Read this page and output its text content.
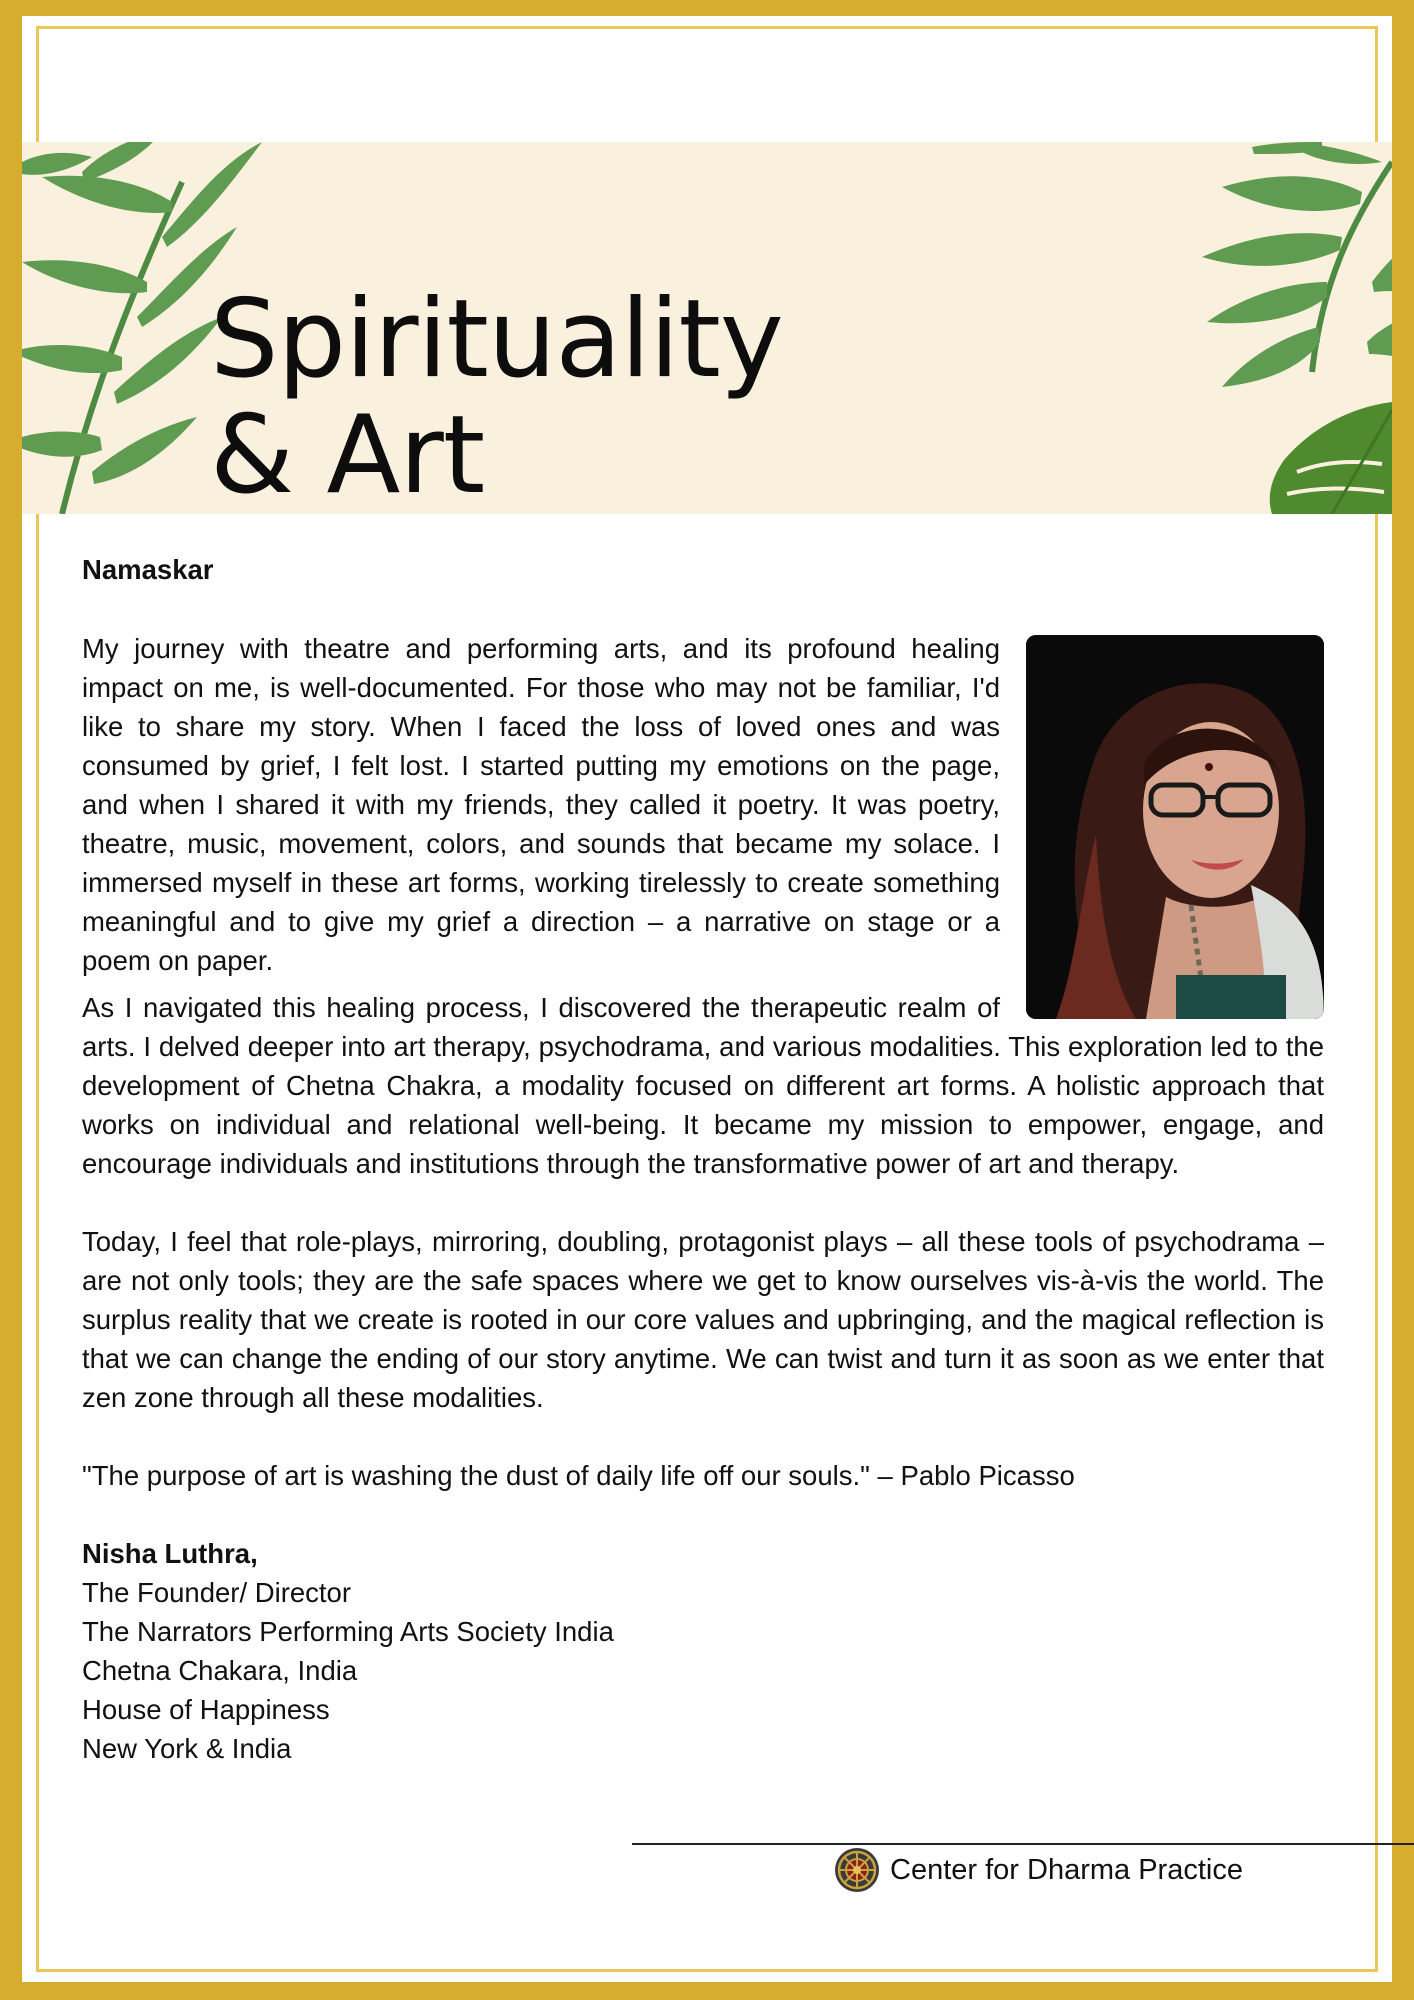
Spirituality
& Art
Namaskar

My journey with theatre and performing arts, and its profound healing impact on me, is well-documented. For those who may not be familiar, I'd like to share my story. When I faced the loss of loved ones and was consumed by grief, I felt lost. I started putting my emotions on the page, and when I shared it with my friends, they called it poetry. It was poetry, theatre, music, movement, colors, and sounds that became my solace. I immersed myself in these art forms, working tirelessly to create something meaningful and to give my grief a direction – a narrative on stage or a poem on paper.

As I navigated this healing process, I discovered the therapeutic realm of arts. I delved deeper into art therapy, psychodrama, and various modalities. This exploration led to the development of Chetna Chakra, a modality focused on different art forms. A holistic approach that works on individual and relational well-being. It became my mission to empower, engage, and encourage individuals and institutions through the transformative power of art and therapy.

Today, I feel that role-plays, mirroring, doubling, protagonist plays – all these tools of psychodrama – are not only tools; they are the safe spaces where we get to know ourselves vis-à-vis the world. The surplus reality that we create is rooted in our core values and upbringing, and the magical reflection is that we can change the ending of our story anytime. We can twist and turn it as soon as we enter that zen zone through all these modalities.

"The purpose of art is washing the dust of daily life off our souls." – Pablo Picasso

Nisha Luthra,
The Founder/ Director
The Narrators Performing Arts Society India
Chetna Chakara, India
House of Happiness
New York & India
Center for Dharma Practice
